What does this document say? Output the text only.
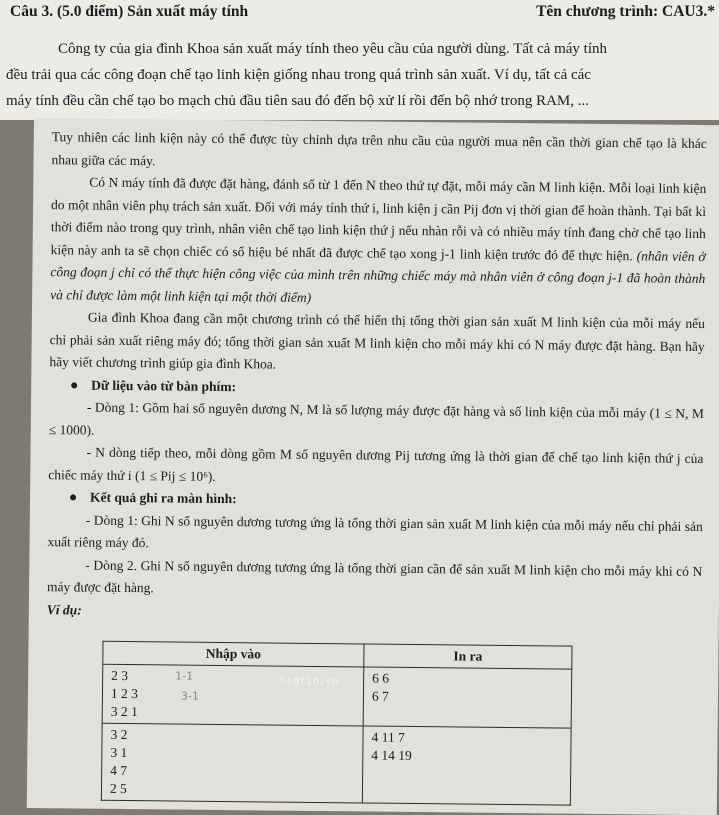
Câu 3. (5.0 điểm) Sản xuất máy tính	Tên chương trình: CAU3.*

Công ty của gia đình Khoa sản xuất máy tính theo yêu cầu của người dùng. Tất cả máy tính
đều trải qua các công đoạn chế tạo linh kiện giống nhau trong quá trình sản xuất. Ví dụ, tất cả các
máy tính đều cần chế tạo bo mạch chủ đầu tiên sau đó đến bộ xử lí rồi đến bộ nhớ trong RAM, ...

Tuy nhiên các linh kiện này có thể được tùy chỉnh dựa trên nhu cầu của người mua nên cần thời gian chế tạo là khác nhau giữa các máy.

Có N máy tính đã được đặt hàng, đánh số từ 1 đến N theo thứ tự đặt, mỗi máy cần M linh kiện. Mỗi loại linh kiện do một nhân viên phụ trách sản xuất. Đối với máy tính thứ i, linh kiện j cần Pij đơn vị thời gian để hoàn thành. Tại bất kì thời điểm nào trong quy trình, nhân viên chế tạo linh kiện thứ j nếu nhàn rỗi và có nhiều máy tính đang chờ chế tạo linh kiện này anh ta sẽ chọn chiếc có số hiệu bé nhất đã được chế tạo xong j-1 linh kiện trước đó để thực hiện. (nhân viên ở công đoạn j chỉ có thể thực hiện công việc của mình trên những chiếc máy mà nhân viên ở công đoạn j-1 đã hoàn thành và chỉ được làm một linh kiện tại một thời điểm)

Gia đình Khoa đang cần một chương trình có thể hiển thị tổng thời gian sản xuất M linh kiện của mỗi máy nếu chỉ phải sản xuất riêng máy đó; tổng thời gian sản xuất M linh kiện cho mỗi máy khi có N máy được đặt hàng. Bạn hãy hãy viết chương trình giúp gia đình Khoa.

Dữ liệu vào từ bàn phím:

- Dòng 1: Gồm hai số nguyên dương N, M là số lượng máy được đặt hàng và số linh kiện của mỗi máy (1 ≤ N, M ≤ 1000).

- N dòng tiếp theo, mỗi dòng gồm M số nguyên dương Pij tương ứng là thời gian để chế tạo linh kiện thứ j của chiếc máy thứ i (1 ≤ Pij ≤ 10⁶).

Kết quả ghi ra màn hình:

- Dòng 1: Ghi N số nguyên dương tương ứng là tổng thời gian sản xuất M linh kiện của mỗi máy nếu chỉ phải sản xuất riêng máy đó.

- Dòng 2. Ghi N số nguyên dương tương ứng là tổng thời gian cần để sản xuất M linh kiện cho mỗi máy khi có N máy được đặt hàng.

Ví dụ:

Nhập vào	In ra

2 3
1 2 3
3 2 1
1-1
3-1	6 6
6 7

3 2
3 1
4 7
2 5	4 11 7
4 14 19
hsgtin.vn
